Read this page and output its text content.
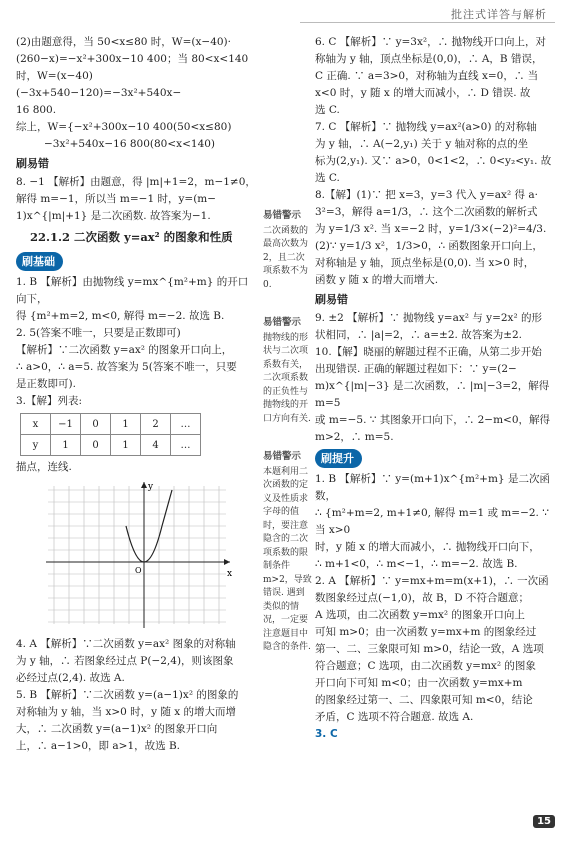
批注式详答与解析

(2)由题意得，当 50<x≤80 时，W=(x−40)·

(260−x)=−x²+300x−10 400；当 80<x<140

时，W=(x−40)(−3x+540−120)=−3x²+540x−

16 800.

综上，W={−x²+300x−10 400(50<x≤80)

−3x²+540x−16 800(80<x<140)

刷易错

8. −1 【解析】由题意，得 |m|+1=2，m−1≠0，

解得 m=−1，所以当 m=−1 时，y=(m−

1)x^{|m|+1} 是二次函数. 故答案为−1.

22.1.2 二次函数 y=ax² 的图象和性质
刷基础

1. B 【解析】由抛物线 y=mx^{m²+m} 的开口向下，

得 {m²+m=2, m<0, 解得 m=−2. 故选 B.

2. 5(答案不唯一，只要是正数即可)

【解析】∵二次函数 y=ax² 的图象开口向上，

∴ a>0，∴ a=5. 故答案为 5(答案不唯一，只要

是正数即可).

3.【解】列表:

x	−1	0	1	2	…
y	1	0	1	4	…

描点，连线.

x
y
O

4. A 【解析】∵二次函数 y=ax² 图象的对称轴

为 y 轴，∴ 若图象经过点 P(−2,4)，则该图象

必经过点(2,4). 故选 A.

5. B 【解析】∵二次函数 y=(a−1)x² 的图象的

对称轴为 y 轴，当 x>0 时，y 随 x 的增大而增

大，∴ 二次函数 y=(a−1)x² 的图象开口向

上，∴ a−1>0，即 a>1，故选 B.

易错警示

二次函数的最高次数为2，且二次项系数不为0.

易错警示

抛物线的形状与二次项系数有关，二次项系数的正负性与抛物线的开口方向有关.

易错警示

本题利用二次函数的定义及性质求字母的值时，要注意隐含的二次项系数的限制条件 m>2，导致错误. 遇到类似的情况，一定要注意题目中隐含的条件.

6. C 【解析】∵ y=3x²，∴ 抛物线开口向上，对

称轴为 y 轴，顶点坐标是(0,0)，∴ A，B 错误，

C 正确. ∵ a=3>0，对称轴为直线 x=0，∴ 当

x<0 时，y 随 x 的增大而减小，∴ D 错误. 故

选 C.

7. C 【解析】∵ 抛物线 y=ax²(a>0) 的对称轴

为 y 轴，∴ A(−2,y₁) 关于 y 轴对称的点的坐

标为(2,y₁). 又∵ a>0，0<1<2，∴ 0<y₂<y₁. 故

选 C.

8.【解】(1)∵ 把 x=3，y=3 代入 y=ax² 得 a·

3²=3，解得 a=1/3，∴ 这个二次函数的解析式

为 y=1/3 x². 当 x=−2 时，y=1/3×(−2)²=4/3.

(2)∵ y=1/3 x²，1/3>0，∴ 函数图象开口向上，

对称轴是 y 轴，顶点坐标是(0,0). 当 x>0 时，

函数 y 随 x 的增大而增大.

刷易错

9. ±2 【解析】∵ 抛物线 y=ax² 与 y=2x² 的形

状相同，∴ |a|=2，∴ a=±2. 故答案为±2.

10.【解】晓丽的解题过程不正确，从第二步开始

出现错误. 正确的解题过程如下：∵ y=(2−

m)x^{|m|−3} 是二次函数，∴ |m|−3=2，解得 m=5

或 m=−5. ∵ 其图象开口向下，∴ 2−m<0，解得

m>2，∴ m=5.

刷提升

1. B 【解析】∵ y=(m+1)x^{m²+m} 是二次函数，

∴ {m²+m=2, m+1≠0, 解得 m=1 或 m=−2. ∵ 当 x>0

时，y 随 x 的增大而减小，∴ 抛物线开口向下，

∴ m+1<0，∴ m<−1，∴ m=−2. 故选 B.

2. A 【解析】∵ y=mx+m=m(x+1)，∴ 一次函

数图象经过点(−1,0)，故 B，D 不符合题意；

A 选项，由二次函数 y=mx² 的图象开口向上

可知 m>0；由一次函数 y=mx+m 的图象经过

第一、二、三象限可知 m>0，结论一致，A 选项

符合题意；C 选项，由二次函数 y=mx² 的图象

开口向下可知 m<0；由一次函数 y=mx+m

的图象经过第一、二、四象限可知 m<0，结论

矛盾，C 选项不符合题意. 故选 A.

3. C

15
